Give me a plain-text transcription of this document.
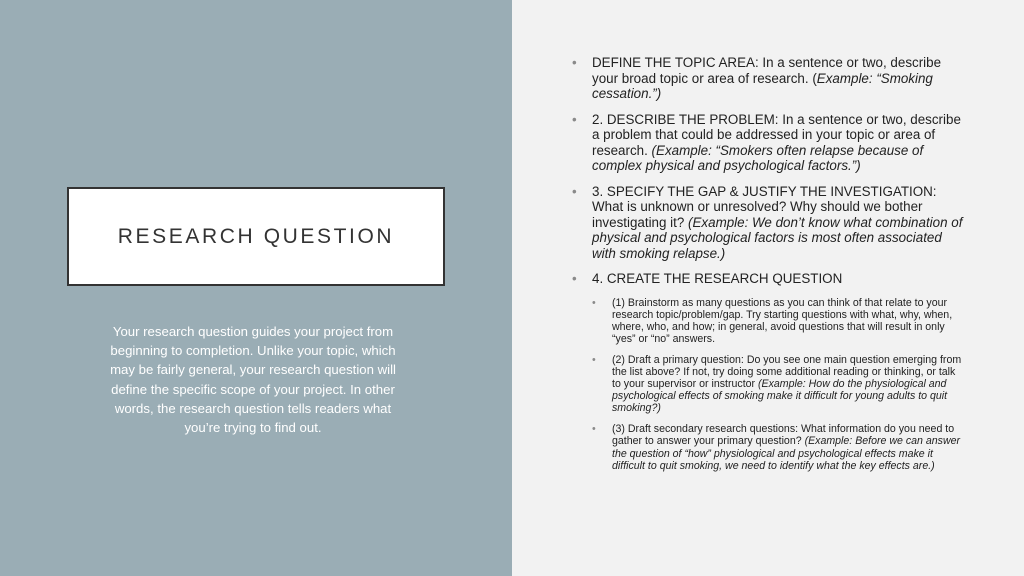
RESEARCH QUESTION
Your research question guides your project from beginning to completion. Unlike your topic, which may be fairly general, your research question will define the specific scope of your project. In other words, the research question tells readers what you’re trying to find out.
• DEFINE THE TOPIC AREA: In a sentence or two, describe your broad topic or area of research. (Example: “Smoking cessation.”)
• 2. DESCRIBE THE PROBLEM: In a sentence or two, describe a problem that could be addressed in your topic or area of research. (Example: “Smokers often relapse because of complex physical and psychological factors.”)
• 3. SPECIFY THE GAP & JUSTIFY THE INVESTIGATION: What is unknown or unresolved? Why should we bother investigating it? (Example: We don’t know what combination of physical and psychological factors is most often associated with smoking relapse.)
• 4. CREATE THE RESEARCH QUESTION
• (1) Brainstorm as many questions as you can think of that relate to your research topic/problem/gap. Try starting questions with what, why, when, where, who, and how; in general, avoid questions that will result in only “yes” or “no” answers.
• (2) Draft a primary question: Do you see one main question emerging from the list above? If not, try doing some additional reading or thinking, or talk to your supervisor or instructor (Example: How do the physiological and psychological effects of smoking make it difficult for young adults to quit smoking?)
• (3) Draft secondary research questions: What information do you need to gather to answer your primary question? (Example: Before we can answer the question of “how” physiological and psychological effects make it difficult to quit smoking, we need to identify what the key effects are.)
